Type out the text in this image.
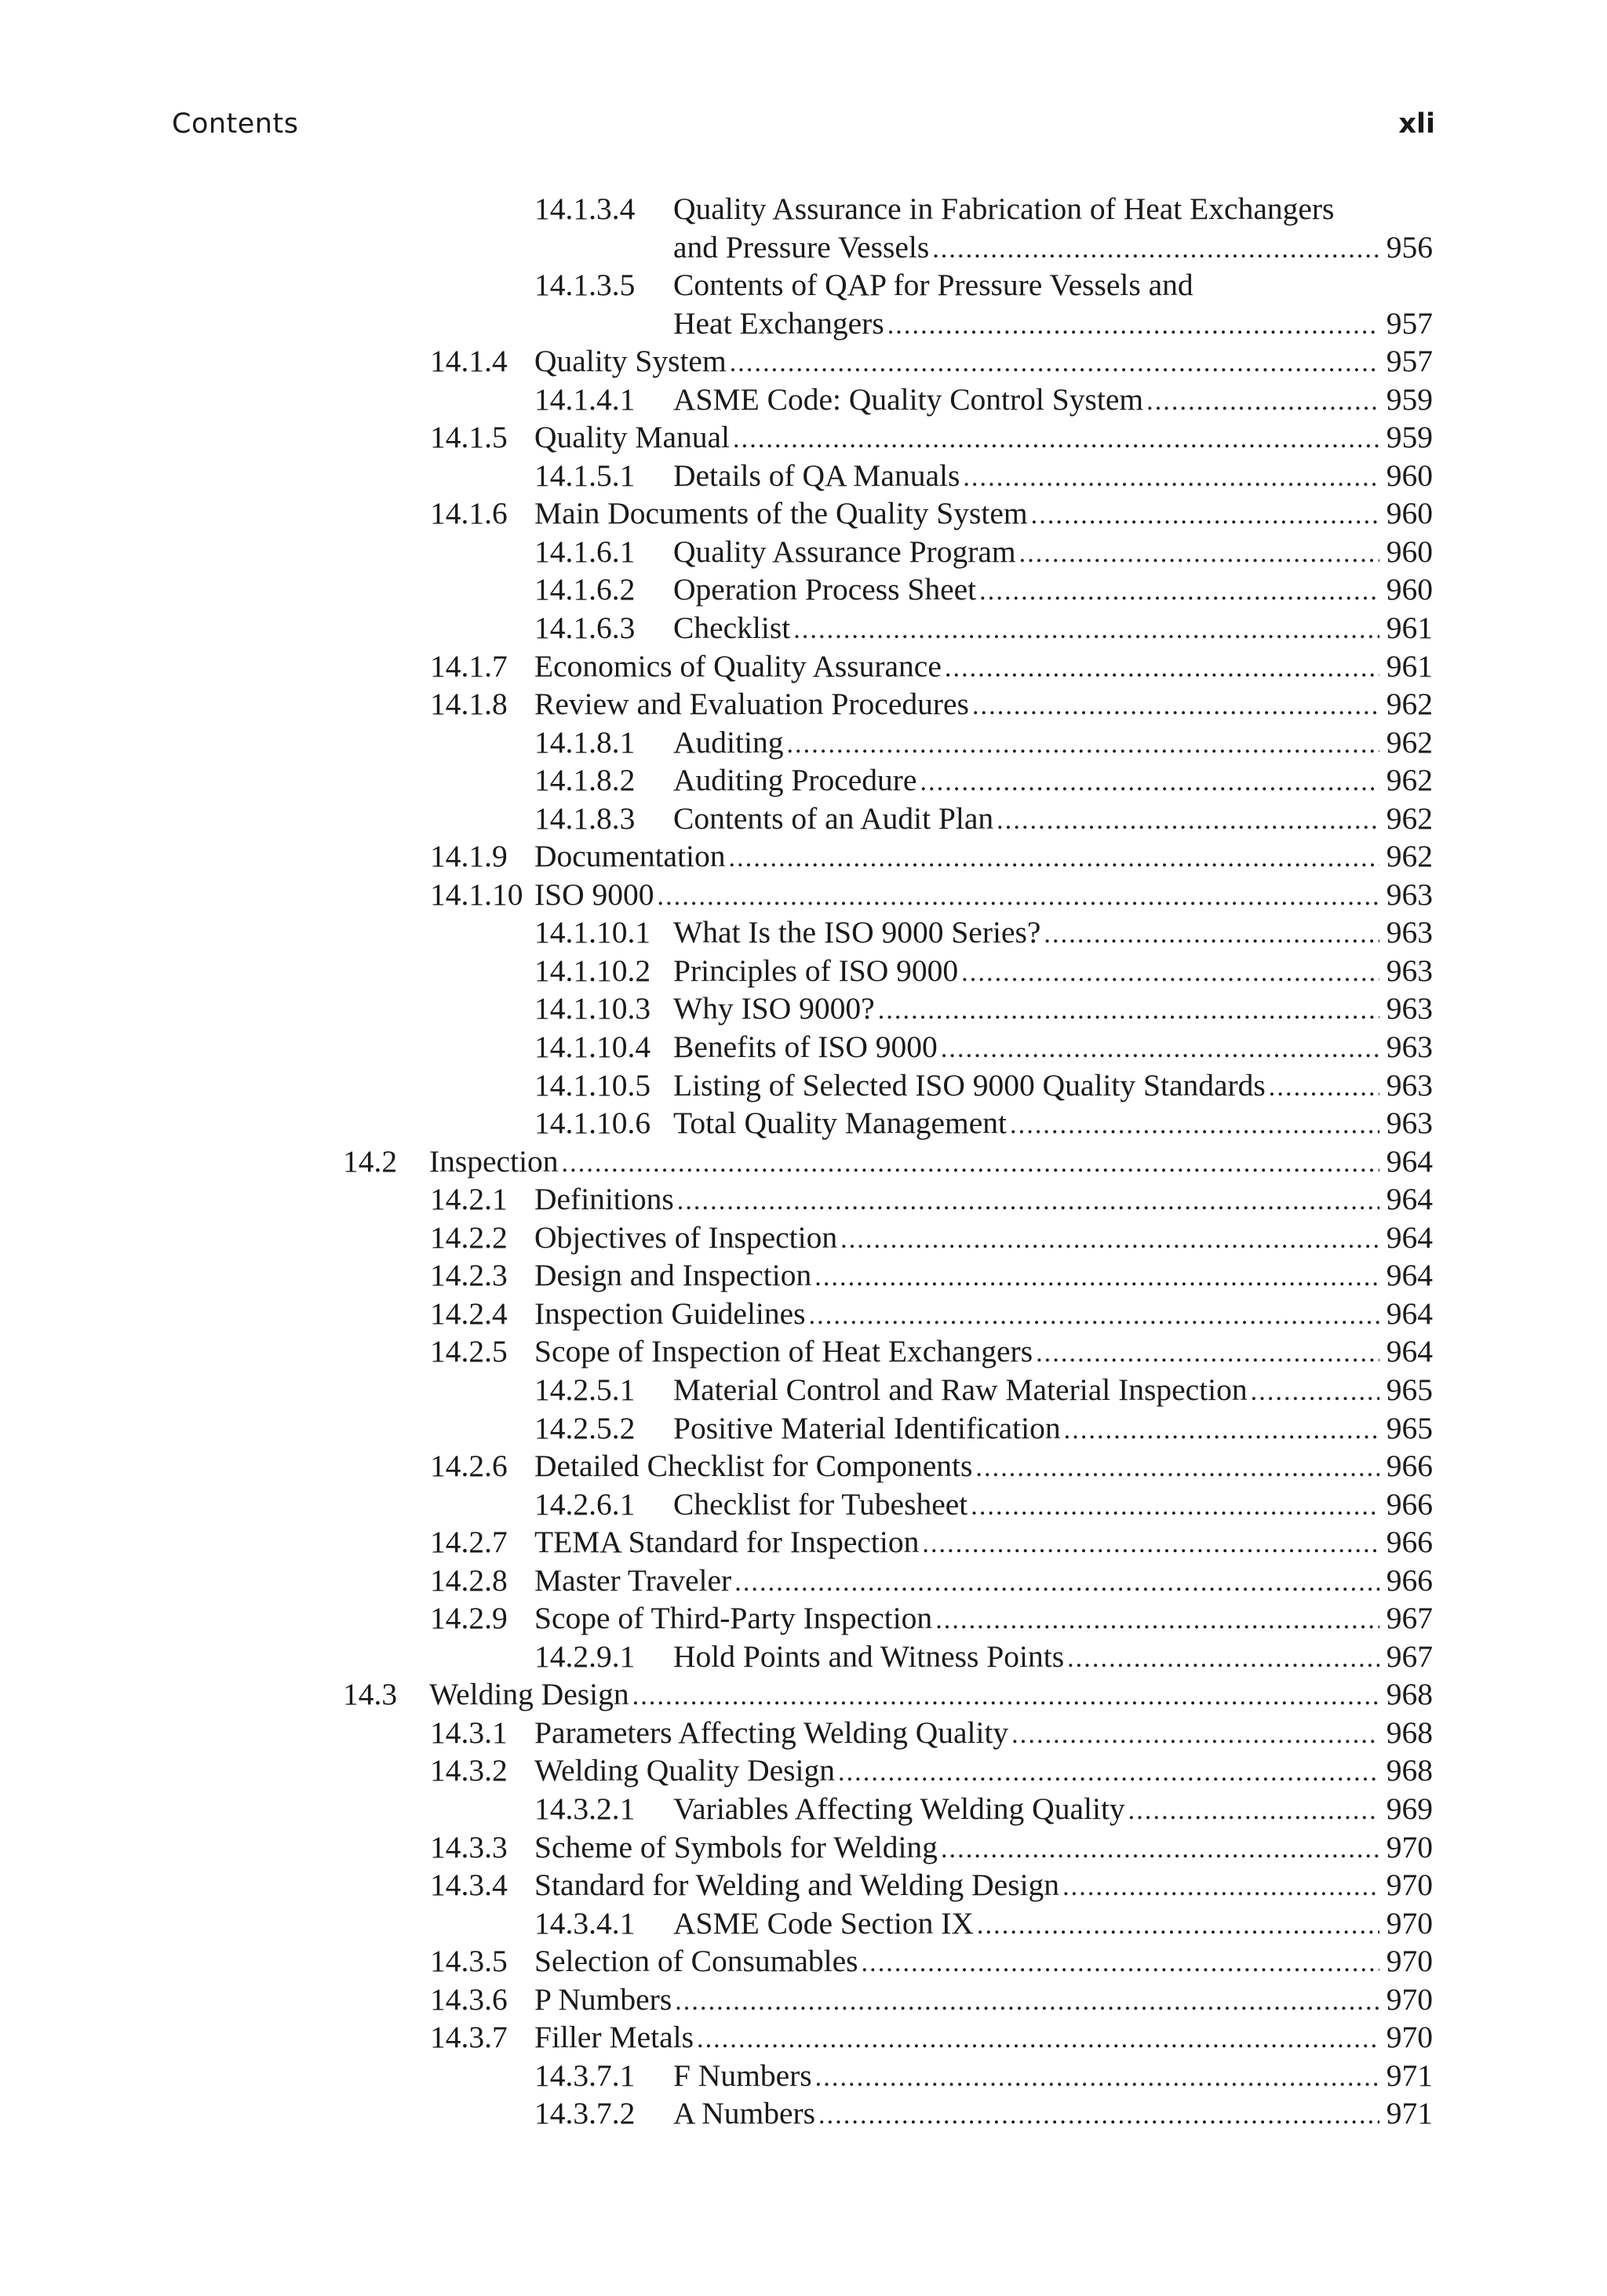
Contents	xli
14.1.3.4 Quality Assurance in Fabrication of Heat Exchangers
and Pressure Vessels .....	956
14.1.3.5 Contents of QAP for Pressure Vessels and
Heat Exchangers .....	957
14.1.4 Quality System .....	957
14.1.4.1 ASME Code: Quality Control System .....	959
14.1.5 Quality Manual .....	959
14.1.5.1 Details of QA Manuals .....	960
14.1.6 Main Documents of the Quality System .....	960
14.1.6.1 Quality Assurance Program .....	960
14.1.6.2 Operation Process Sheet .....	960
14.1.6.3 Checklist .....	961
14.1.7 Economics of Quality Assurance .....	961
14.1.8 Review and Evaluation Procedures .....	962
14.1.8.1 Auditing .....	962
14.1.8.2 Auditing Procedure .....	962
14.1.8.3 Contents of an Audit Plan .....	962
14.1.9 Documentation .....	962
14.1.10 ISO 9000 .....	963
14.1.10.1 What Is the ISO 9000 Series? .....	963
14.1.10.2 Principles of ISO 9000 .....	963
14.1.10.3 Why ISO 9000? .....	963
14.1.10.4 Benefits of ISO 9000 .....	963
14.1.10.5 Listing of Selected ISO 9000 Quality Standards .....	963
14.1.10.6 Total Quality Management .....	963
14.2 Inspection .....	964
14.2.1 Definitions .....	964
14.2.2 Objectives of Inspection .....	964
14.2.3 Design and Inspection .....	964
14.2.4 Inspection Guidelines .....	964
14.2.5 Scope of Inspection of Heat Exchangers .....	964
14.2.5.1 Material Control and Raw Material Inspection .....	965
14.2.5.2 Positive Material Identification .....	965
14.2.6 Detailed Checklist for Components .....	966
14.2.6.1 Checklist for Tubesheet .....	966
14.2.7 TEMA Standard for Inspection .....	966
14.2.8 Master Traveler .....	966
14.2.9 Scope of Third-Party Inspection .....	967
14.2.9.1 Hold Points and Witness Points .....	967
14.3 Welding Design .....	968
14.3.1 Parameters Affecting Welding Quality .....	968
14.3.2 Welding Quality Design .....	968
14.3.2.1 Variables Affecting Welding Quality .....	969
14.3.3 Scheme of Symbols for Welding .....	970
14.3.4 Standard for Welding and Welding Design .....	970
14.3.4.1 ASME Code Section IX .....	970
14.3.5 Selection of Consumables .....	970
14.3.6 P Numbers .....	970
14.3.7 Filler Metals .....	970
14.3.7.1 F Numbers .....	971
14.3.7.2 A Numbers .....	971
